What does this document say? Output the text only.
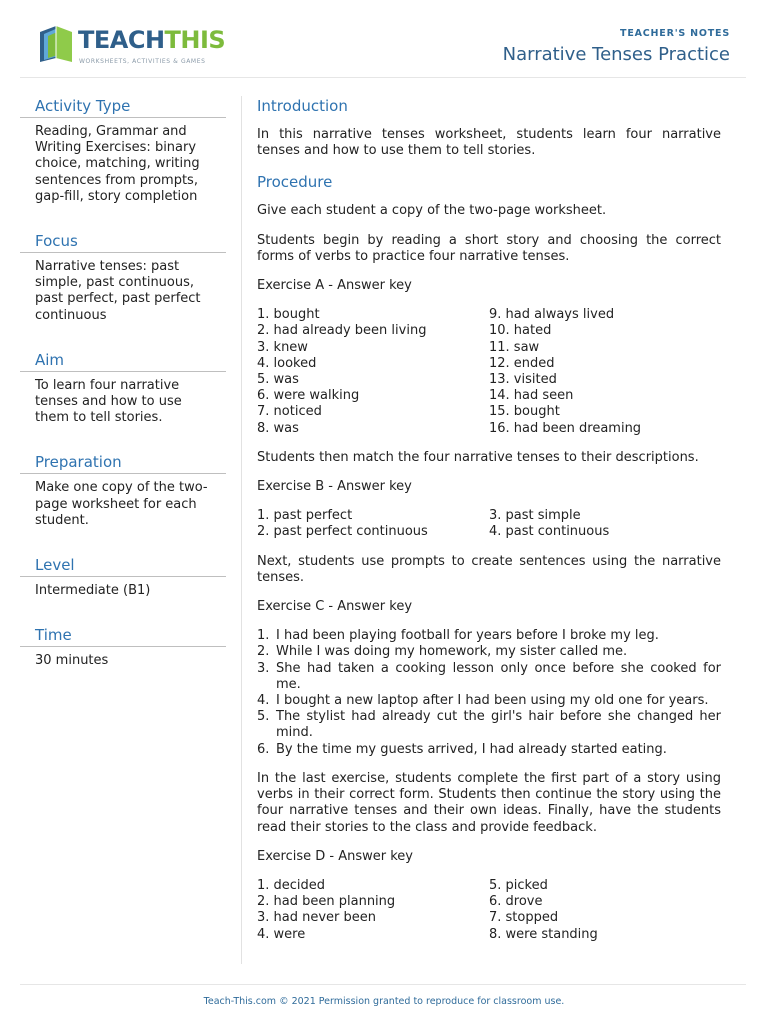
TEACHTHIS
WORKSHEETS, ACTIVITIES & GAMES
TEACHER'S NOTES
Narrative Tenses Practice
Activity Type
Reading, Grammar and Writing Exercises: binary choice, matching, writing sentences from prompts, gap-fill, story completion
Focus
Narrative tenses: past simple, past continuous, past perfect, past perfect continuous
Aim
To learn four narrative tenses and how to use them to tell stories.
Preparation
Make one copy of the two-page worksheet for each student.
Level
Intermediate (B1)
Time
30 minutes
Introduction
In this narrative tenses worksheet, students learn four narrative tenses and how to use them to tell stories.
Procedure
Give each student a copy of the two-page worksheet.
Students begin by reading a short story and choosing the correct forms of verbs to practice four narrative tenses.
Exercise A - Answer key
1. bought
2. had already been living
3. knew
4. looked
5. was
6. were walking
7. noticed
8. was
9. had always lived
10. hated
11. saw
12. ended
13. visited
14. had seen
15. bought
16. had been dreaming
Students then match the four narrative tenses to their descriptions.
Exercise B - Answer key
1. past perfect
2. past perfect continuous
3. past simple
4. past continuous
Next, students use prompts to create sentences using the narrative tenses.
Exercise C - Answer key
1. I had been playing football for years before I broke my leg.
2. While I was doing my homework, my sister called me.
3. She had taken a cooking lesson only once before she cooked for me.
4. I bought a new laptop after I had been using my old one for years.
5. The stylist had already cut the girl's hair before she changed her mind.
6. By the time my guests arrived, I had already started eating.
In the last exercise, students complete the first part of a story using verbs in their correct form. Students then continue the story using the four narrative tenses and their own ideas. Finally, have the students read their stories to the class and provide feedback.
Exercise D - Answer key
1. decided
2. had been planning
3. had never been
4. were
5. picked
6. drove
7. stopped
8. were standing
Teach-This.com © 2021 Permission granted to reproduce for classroom use.
